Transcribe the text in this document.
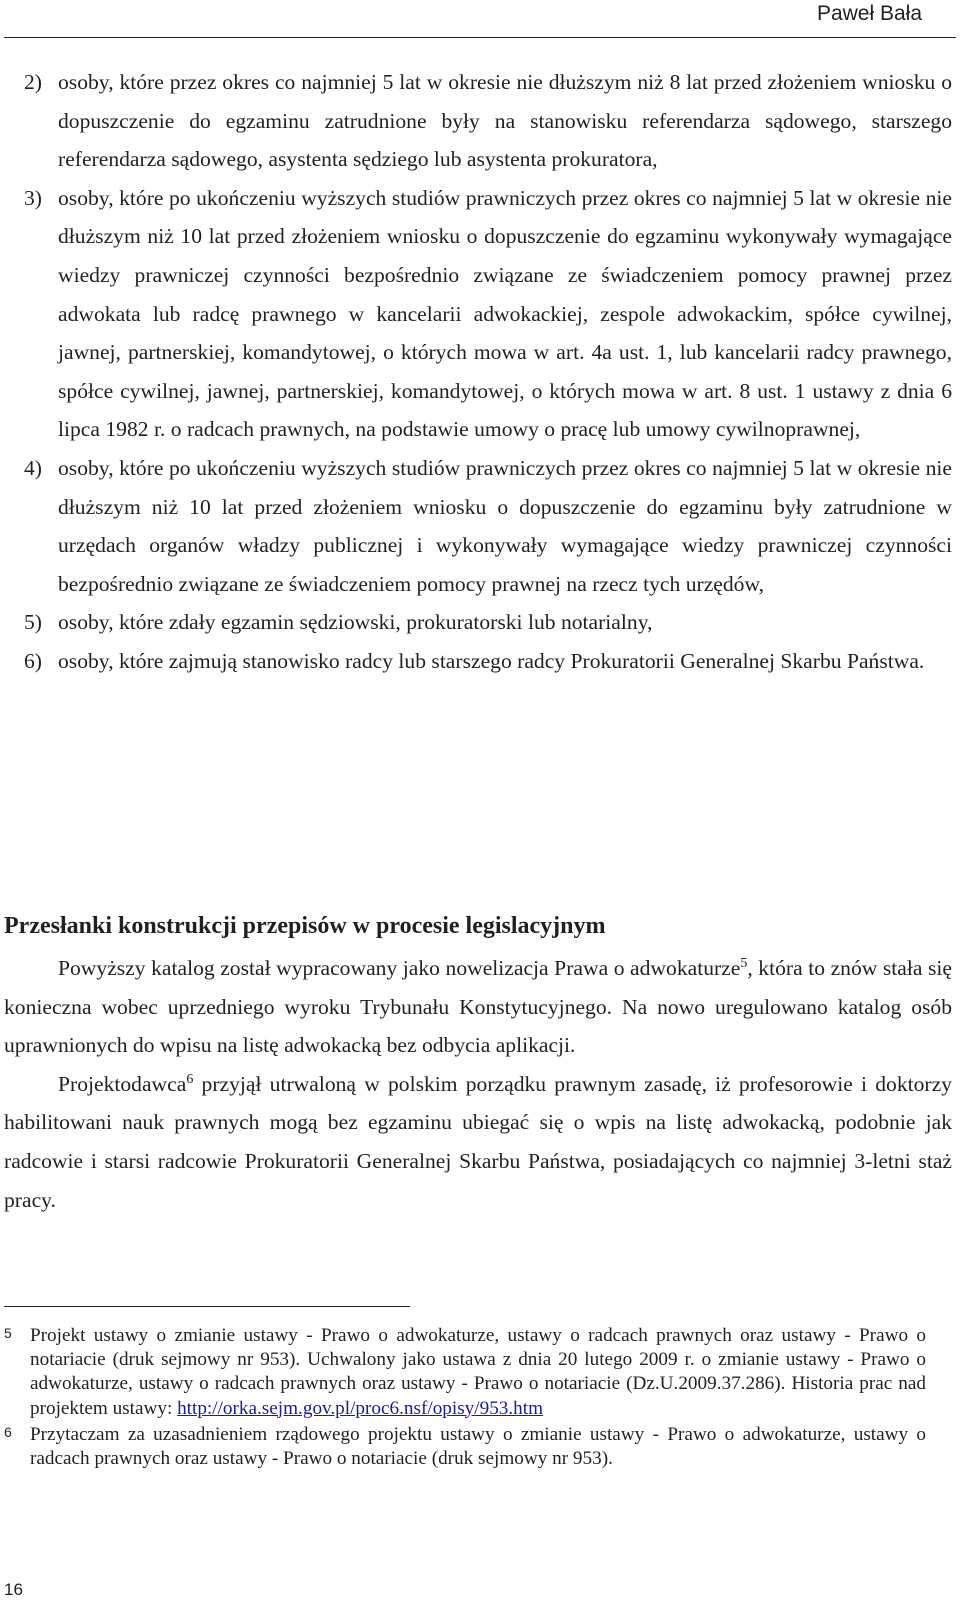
Paweł Bała
2) osoby, które przez okres co najmniej 5 lat w okresie nie dłuższym niż 8 lat przed złożeniem wniosku o dopuszczenie do egzaminu zatrudnione były na stanowisku referendarza sądowego, starszego referendarza sądowego, asystenta sędziego lub asystenta prokuratora,
3) osoby, które po ukończeniu wyższych studiów prawniczych przez okres co najmniej 5 lat w okresie nie dłuższym niż 10 lat przed złożeniem wniosku o dopuszczenie do egzaminu wykonywały wymagające wiedzy prawniczej czynności bezpośrednio związane ze świadczeniem pomocy prawnej przez adwokata lub radcę prawnego w kancelarii adwokackiej, zespole adwokackim, spółce cywilnej, jawnej, partnerskiej, komandytowej, o których mowa w art. 4a ust. 1, lub kancelarii radcy prawnego, spółce cywilnej, jawnej, partnerskiej, komandytowej, o których mowa w art. 8 ust. 1 ustawy z dnia 6 lipca 1982 r. o radcach prawnych, na podstawie umowy o pracę lub umowy cywilnoprawnej,
4) osoby, które po ukończeniu wyższych studiów prawniczych przez okres co najmniej 5 lat w okresie nie dłuższym niż 10 lat przed złożeniem wniosku o dopuszczenie do egzaminu były zatrudnione w urzędach organów władzy publicznej i wykonywały wymagające wiedzy prawniczej czynności bezpośrednio związane ze świadczeniem pomocy prawnej na rzecz tych urzędów,
5) osoby, które zdały egzamin sędziowski, prokuratorski lub notarialny,
6) osoby, które zajmują stanowisko radcy lub starszego radcy Prokuratorii Generalnej Skarbu Państwa.
Przesłanki konstrukcji przepisów w procesie legislacyjnym

Powyższy katalog został wypracowany jako nowelizacja Prawa o adwokaturze$^5$, która to znów stała się konieczna wobec uprzedniego wyroku Trybunału Konstytucyjnego. Na nowo uregulowano katalog osób uprawnionych do wpisu na listę adwokacką bez odbycia aplikacji.

Projektodawca$^6$ przyjął utrwaloną w polskim porządku prawnym zasadę, iż profesorowie i doktorzy habilitowani nauk prawnych mogą bez egzaminu ubiegać się o wpis na listę adwokacką, podobnie jak radcowie i starsi radcowie Prokuratorii Generalnej Skarbu Państwa, posiadających co najmniej 3-letni staż pracy.

5 Projekt ustawy o zmianie ustawy - Prawo o adwokaturze, ustawy o radcach prawnych oraz ustawy - Prawo o notariacie (druk sejmowy nr 953). Uchwalony jako ustawa z dnia 20 lutego 2009 r. o zmianie ustawy - Prawo o adwokaturze, ustawy o radcach prawnych oraz ustawy - Prawo o notariacie (Dz.U.2009.37.286). Historia prac nad projektem ustawy: http://orka.sejm.gov.pl/proc6.nsf/opisy/953.htm
6 Przytaczam za uzasadnieniem rządowego projektu ustawy o zmianie ustawy - Prawo o adwokaturze, ustawy o radcach prawnych oraz ustawy - Prawo o notariacie (druk sejmowy nr 953).
16
